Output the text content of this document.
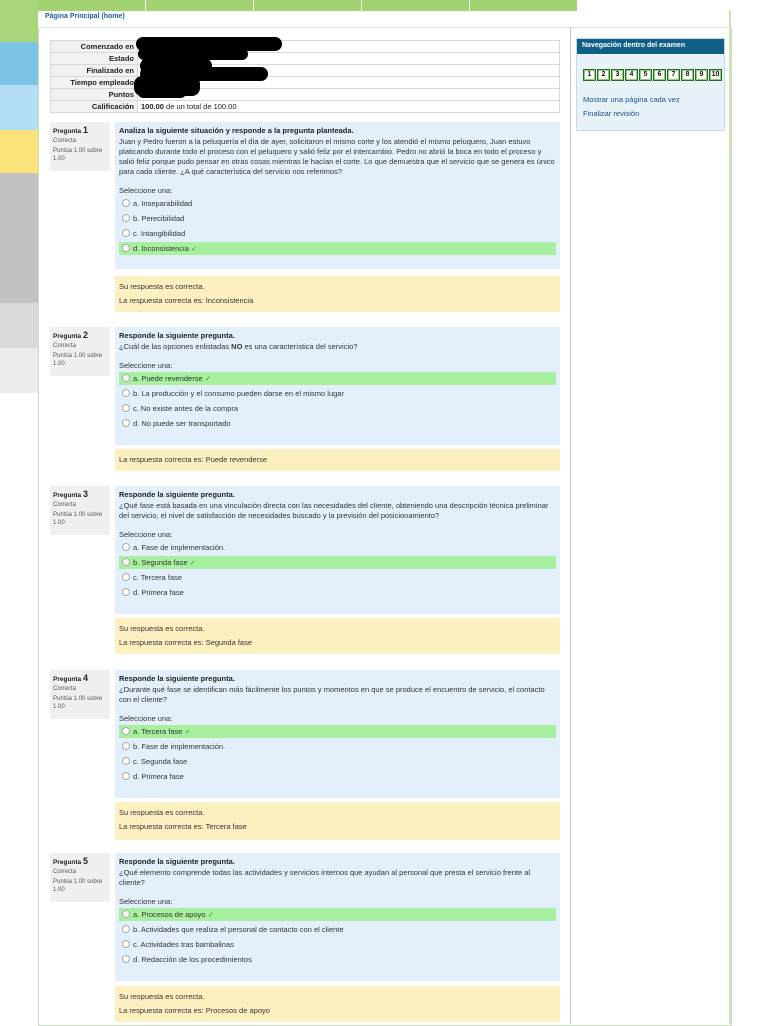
Página Principal (home)
Comenzado en	
Estado	
Finalizado en	
Tiempo empleado	
Puntos	
Calificación	100.00 de un total de 100.00
Navegación dentro del examen
1 2 3 4 5 6 7 8 9 10
Mostrar una página cada vez
Finalizar revisión
Pregunta 1
Correcta
Puntúa 1.00 sobre 1.00
Analiza la siguiente situación y responde a la pregunta planteada.
Juan y Pedro fueron a la peluquería el día de ayer, solicitaron el mismo corte y los atendió el mismo peluquero, Juan estuvo platicando durante todo el proceso con el peluquero y salió feliz por el intercambio. Pedro no abrió la boca en todo el proceso y salió feliz porque pudo pensar en otras cosas mientras le hacían el corte. Lo que demuestra que el servicio que se genera es único para cada cliente. ¿A qué característica del servicio nos referimos?
Seleccione una:
a. Inseparabilidad
b. Perecibilidad
c. Intangibilidad
d. Inconsistencia ✓
Su respuesta es correcta.
La respuesta correcta es: Inconsistencia
Pregunta 2
Correcta
Puntúa 1.00 sobre 1.00
Responde la siguiente pregunta.
¿Cuál de las opciones enlistadas NO es una característica del servicio?
Seleccione una:
a. Puede revenderse ✓
b. La producción y el consumo pueden darse en el mismo lugar
c. No existe antes de la compra
d. No puede ser transportado
La respuesta correcta es: Puede revenderse
Pregunta 3
Correcta
Puntúa 1.00 sobre 1.00
Responde la siguiente pregunta.
¿Qué fase está basada en una vinculación directa con las necesidades del cliente, obteniendo una descripción técnica preliminar del servicio, el nivel de satisfacción de necesidades buscado y la previsión del posicionamiento?
Seleccione una:
a. Fase de implementación.
b. Segunda fase ✓
c. Tercera fase
d. Primera fase
Su respuesta es correcta.
La respuesta correcta es: Segunda fase
Pregunta 4
Correcta
Puntúa 1.00 sobre 1.00
Responde la siguiente pregunta.
¿Durante qué fase se identifican más fácilmente los puntos y momentos en que se produce el encuentro de servicio, el contacto con el cliente?
Seleccione una:
a. Tercera fase ✓
b. Fase de implementación.
c. Segunda fase
d. Primera fase
Su respuesta es correcta.
La respuesta correcta es: Tercera fase
Pregunta 5
Correcta
Puntúa 1.00 sobre 1.00
Responde la siguiente pregunta.
¿Qué elemento comprende todas las actividades y servicios internos que ayudan al personal que presta el servicio frente al cliente?
Seleccione una:
a. Procesos de apoyo ✓
b. Actividades que realiza el personal de contacto con el cliente
c. Actividades tras bambalinas
d. Redacción de los procedimientos
Su respuesta es correcta.
La respuesta correcta es: Procesos de apoyo
